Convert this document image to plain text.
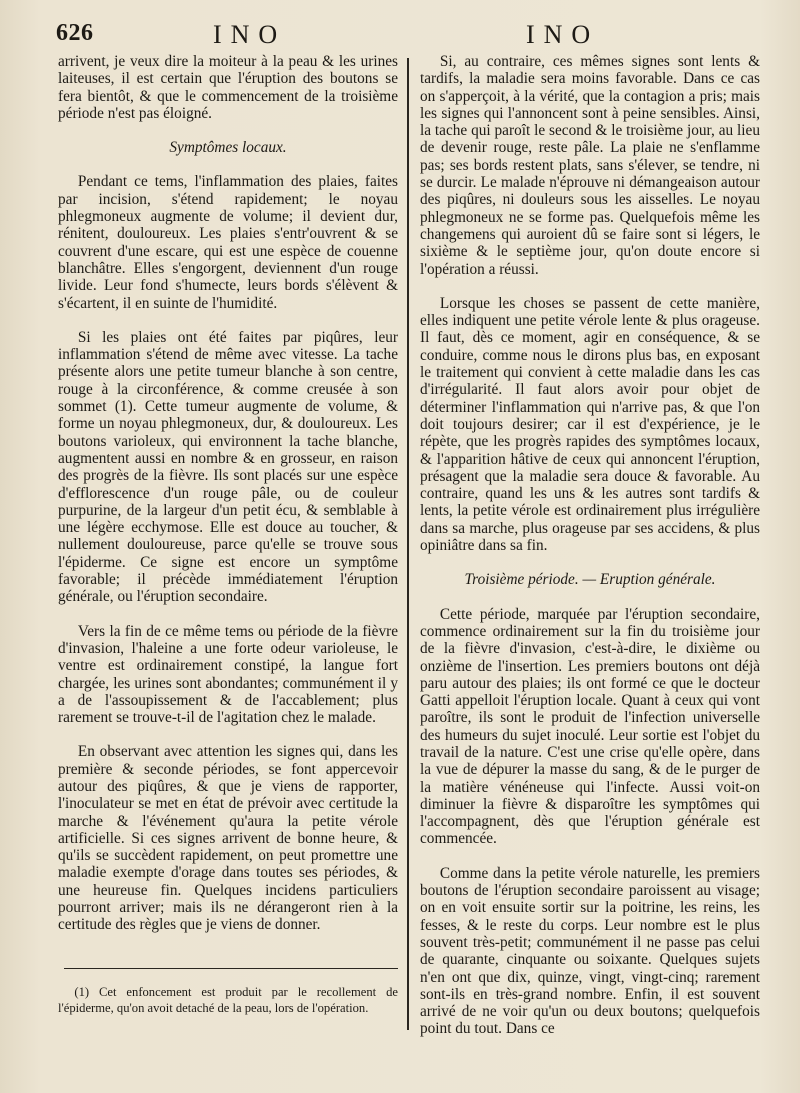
626	INO	INO

arrivent, je veux dire la moiteur à la peau & les urines laiteuses, il est certain que l'éruption des boutons se fera bientôt, & que le commencement de la troisième période n'est pas éloigné.

Symptômes locaux.

Pendant ce tems, l'inflammation des plaies, faites par incision, s'étend rapidement; le noyau phlegmoneux augmente de volume; il devient dur, rénitent, douloureux. Les plaies s'entr'ouvrent & se couvrent d'une escare, qui est une espèce de couenne blanchâtre. Elles s'engorgent, deviennent d'un rouge livide. Leur fond s'humecte, leurs bords s'élèvent & s'écartent, il en suinte de l'humidité.

Si les plaies ont été faites par piqûres, leur inflammation s'étend de même avec vitesse. La tache présente alors une petite tumeur blanche à son centre, rouge à la circonférence, & comme creusée à son sommet (1). Cette tumeur augmente de volume, & forme un noyau phlegmoneux, dur, & douloureux. Les boutons varioleux, qui environnent la tache blanche, augmentent aussi en nombre & en grosseur, en raison des progrès de la fièvre. Ils sont placés sur une espèce d'efflorescence d'un rouge pâle, ou de couleur purpurine, de la largeur d'un petit écu, & semblable à une légère ecchymose. Elle est douce au toucher, & nullement douloureuse, parce qu'elle se trouve sous l'épiderme. Ce signe est encore un symptôme favorable; il précède immédiatement l'éruption générale, ou l'éruption secondaire.

Vers la fin de ce même tems ou période de la fièvre d'invasion, l'haleine a une forte odeur varioleuse, le ventre est ordinairement constipé, la langue fort chargée, les urines sont abondantes; communément il y a de l'assoupissement & de l'accablement; plus rarement se trouve-t-il de l'agitation chez le malade.

En observant avec attention les signes qui, dans les première & seconde périodes, se font appercevoir autour des piqûres, & que je viens de rapporter, l'inoculateur se met en état de prévoir avec certitude la marche & l'événement qu'aura la petite vérole artificielle. Si ces signes arrivent de bonne heure, & qu'ils se succèdent rapidement, on peut promettre une maladie exempte d'orage dans toutes ses périodes, & une heureuse fin. Quelques incidens particuliers pourront arriver; mais ils ne dérangeront rien à la certitude des règles que je viens de donner.

Si, au contraire, ces mêmes signes sont lents & tardifs, la maladie sera moins favorable. Dans ce cas on s'apperçoit, à la vérité, que la contagion a pris; mais les signes qui l'annoncent sont à peine sensibles. Ainsi, la tache qui paroît le second & le troisième jour, au lieu de devenir rouge, reste pâle. La plaie ne s'enflamme pas; ses bords restent plats, sans s'élever, se tendre, ni se durcir. Le malade n'éprouve ni démangeaison autour des piqûres, ni douleurs sous les aisselles. Le noyau phlegmoneux ne se forme pas. Quelquefois même les changemens qui auroient dû se faire sont si légers, le sixième & le septième jour, qu'on doute encore si l'opération a réussi.

Lorsque les choses se passent de cette manière, elles indiquent une petite vérole lente & plus orageuse. Il faut, dès ce moment, agir en conséquence, & se conduire, comme nous le dirons plus bas, en exposant le traitement qui convient à cette maladie dans les cas d'irrégularité. Il faut alors avoir pour objet de déterminer l'inflammation qui n'arrive pas, & que l'on doit toujours desirer; car il est d'expérience, je le répète, que les progrès rapides des symptômes locaux, & l'apparition hâtive de ceux qui annoncent l'éruption, présagent que la maladie sera douce & favorable. Au contraire, quand les uns & les autres sont tardifs & lents, la petite vérole est ordinairement plus irrégulière dans sa marche, plus orageuse par ses accidens, & plus opiniâtre dans sa fin.

Troisième période. — Eruption générale.

Cette période, marquée par l'éruption secondaire, commence ordinairement sur la fin du troisième jour de la fièvre d'invasion, c'est-à-dire, le dixième ou onzième de l'insertion. Les premiers boutons ont déjà paru autour des plaies; ils ont formé ce que le docteur Gatti appelloit l'éruption locale. Quant à ceux qui vont paroître, ils sont le produit de l'infection universelle des humeurs du sujet inoculé. Leur sortie est l'objet du travail de la nature. C'est une crise qu'elle opère, dans la vue de dépurer la masse du sang, & de le purger de la matière vénéneuse qui l'infecte. Aussi voit-on diminuer la fièvre & disparoître les symptômes qui l'accompagnent, dès que l'éruption générale est commencée.

Comme dans la petite vérole naturelle, les premiers boutons de l'éruption secondaire paroissent au visage; on en voit ensuite sortir sur la poitrine, les reins, les fesses, & le reste du corps. Leur nombre est le plus souvent très-petit; communément il ne passe pas celui de quarante, cinquante ou soixante. Quelques sujets n'en ont que dix, quinze, vingt, vingt-cinq; rarement sont-ils en très-grand nombre. Enfin, il est souvent arrivé de ne voir qu'un ou deux boutons; quelquefois point du tout. Dans ce

(1) Cet enfoncement est produit par le recollement de l'épiderme, qu'on avoit detaché de la peau, lors de l'opération.
